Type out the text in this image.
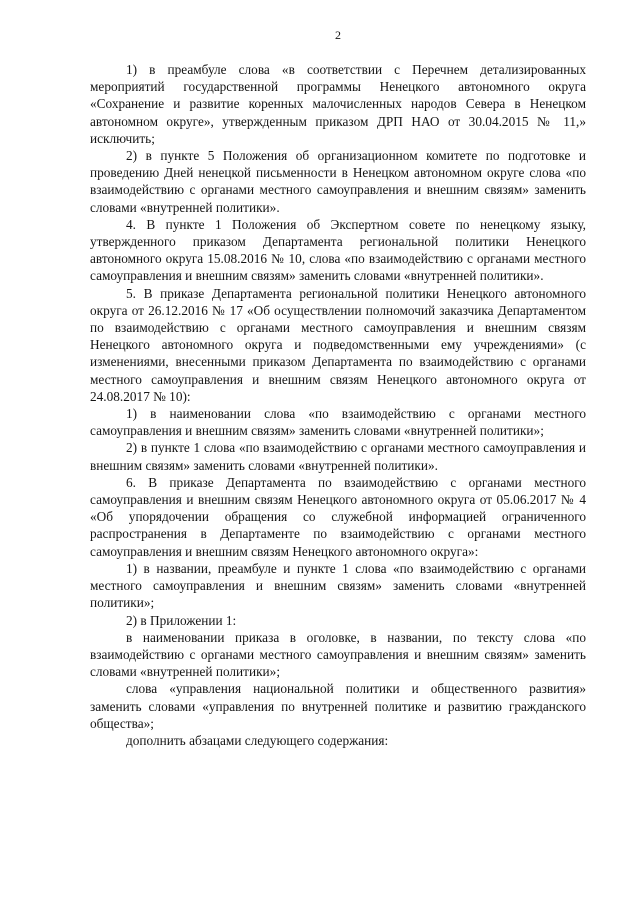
2

1) в преамбуле слова «в соответствии с Перечнем детализированных мероприятий государственной программы Ненецкого автономного округа «Сохранение и развитие коренных малочисленных народов Севера в Ненецком автономном округе», утвержденным приказом ДРП НАО от 30.04.2015 № 11,» исключить;

2) в пункте 5 Положения об организационном комитете по подготовке и проведению Дней ненецкой письменности в Ненецком автономном округе слова «по взаимодействию с органами местного самоуправления и внешним связям» заменить словами «внутренней политики».

4. В пункте 1 Положения об Экспертном совете по ненецкому языку, утвержденного приказом Департамента региональной политики Ненецкого автономного округа 15.08.2016 № 10, слова «по взаимодействию с органами местного самоуправления и внешним связям» заменить словами «внутренней политики».

5. В приказе Департамента региональной политики Ненецкого автономного округа от 26.12.2016 № 17 «Об осуществлении полномочий заказчика Департаментом по взаимодействию с органами местного самоуправления и внешним связям Ненецкого автономного округа и подведомственными ему учреждениями» (с изменениями, внесенными приказом Департамента по взаимодействию с органами местного самоуправления и внешним связям Ненецкого автономного округа от 24.08.2017 № 10):

1) в наименовании слова «по взаимодействию с органами местного самоуправления и внешним связям» заменить словами «внутренней политики»;

2) в пункте 1 слова «по взаимодействию с органами местного самоуправления и внешним связям» заменить словами «внутренней политики».

6. В приказе Департамента по взаимодействию с органами местного самоуправления и внешним связям Ненецкого автономного округа от 05.06.2017 № 4 «Об упорядочении обращения со служебной информацией ограниченного распространения в Департаменте по взаимодействию с органами местного самоуправления и внешним связям Ненецкого автономного округа»:

1) в названии, преамбуле и пункте 1 слова «по взаимодействию с органами местного самоуправления и внешним связям» заменить словами «внутренней политики»;

2) в Приложении 1:

в наименовании приказа в оголовке, в названии, по тексту слова «по взаимодействию с органами местного самоуправления и внешним связям» заменить словами «внутренней политики»;

слова «управления национальной политики и общественного развития» заменить словами «управления по внутренней политике и развитию гражданского общества»;

дополнить абзацами следующего содержания:
